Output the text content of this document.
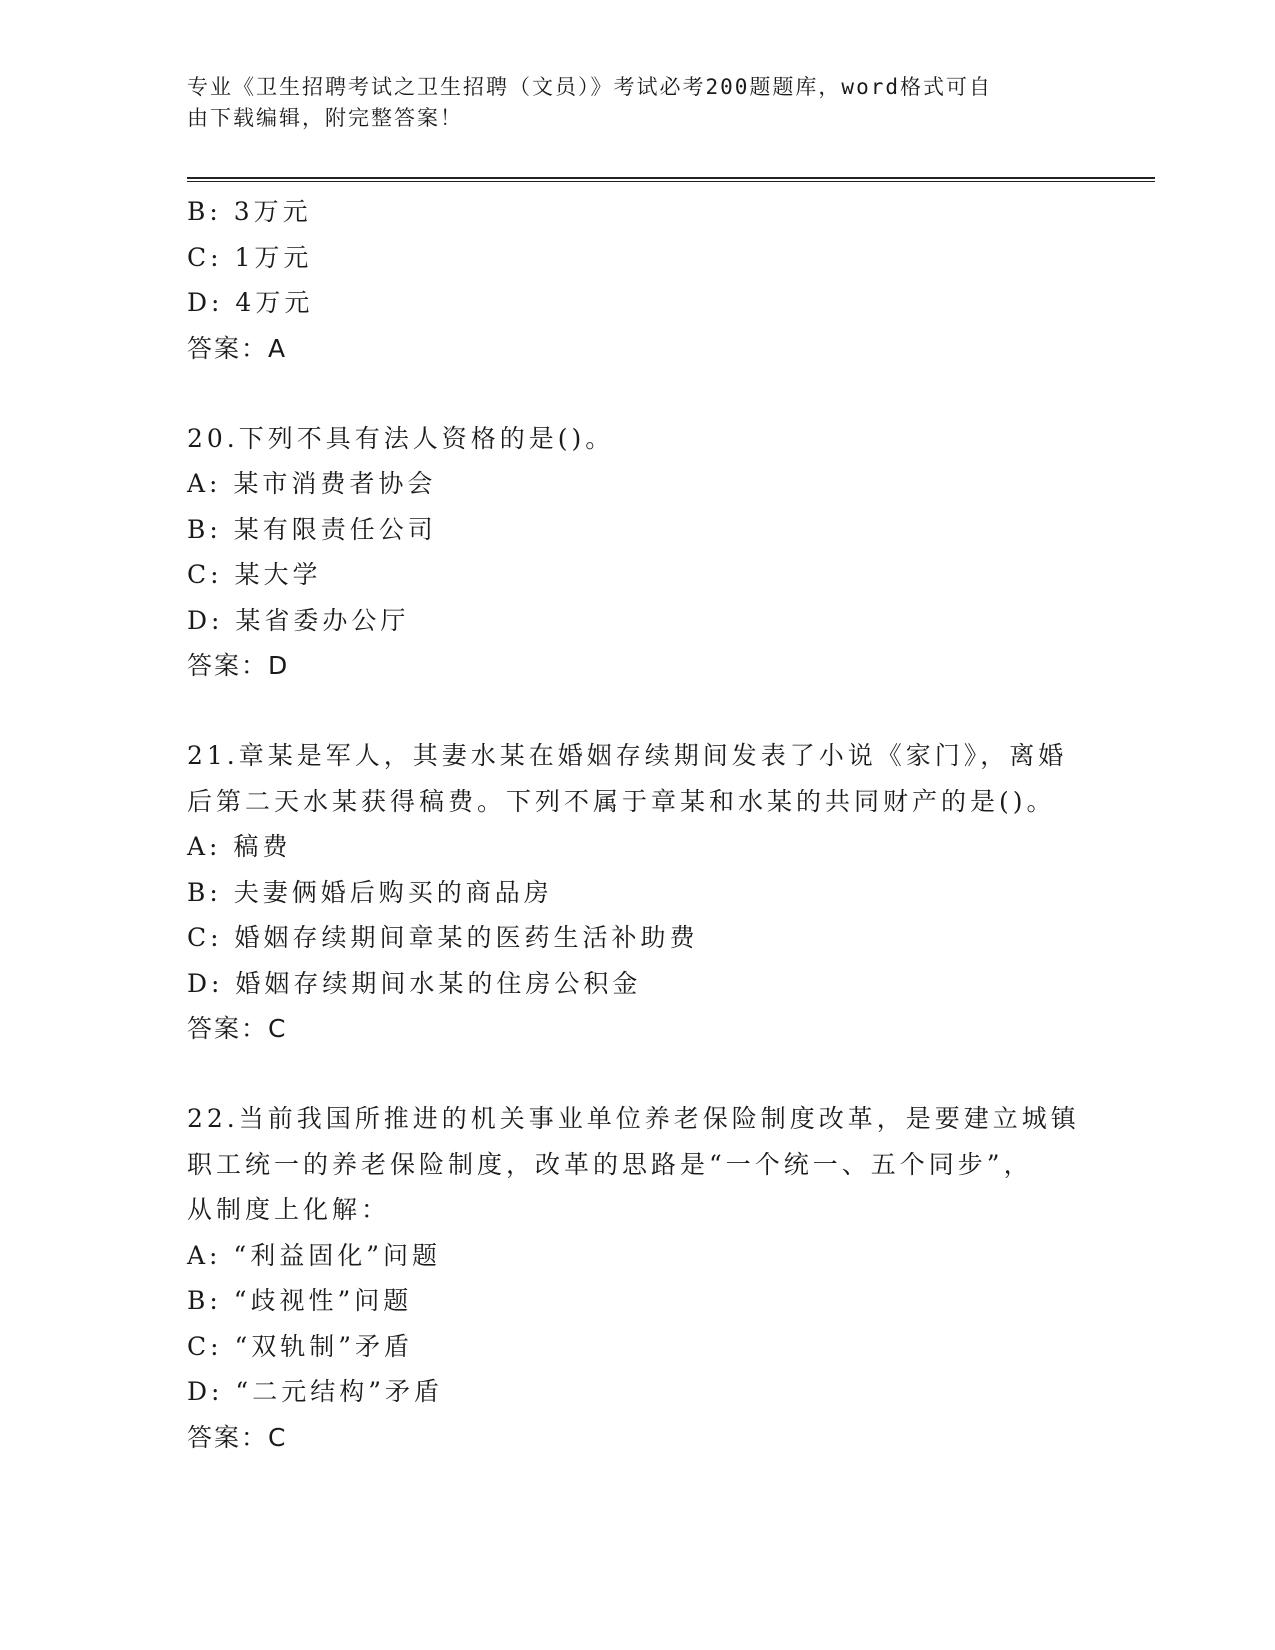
专业《卫生招聘考试之卫生招聘（文员）》考试必考200题题库，word格式可自
由下载编辑，附完整答案！

B: 3万元

C: 1万元

D: 4万元

答案：A

20.下列不具有法人资格的是()。

A: 某市消费者协会

B: 某有限责任公司

C: 某大学

D: 某省委办公厅

答案：D

21.章某是军人，其妻水某在婚姻存续期间发表了小说《家门》，离婚

后第二天水某获得稿费。下列不属于章某和水某的共同财产的是()。

A: 稿费

B: 夫妻俩婚后购买的商品房

C: 婚姻存续期间章某的医药生活补助费

D: 婚姻存续期间水某的住房公积金

答案：C

22.当前我国所推进的机关事业单位养老保险制度改革，是要建立城镇

职工统一的养老保险制度，改革的思路是“一个统一、五个同步”，

从制度上化解：

A: “利益固化”问题

B: “歧视性”问题

C: “双轨制”矛盾

D: “二元结构”矛盾

答案：C
